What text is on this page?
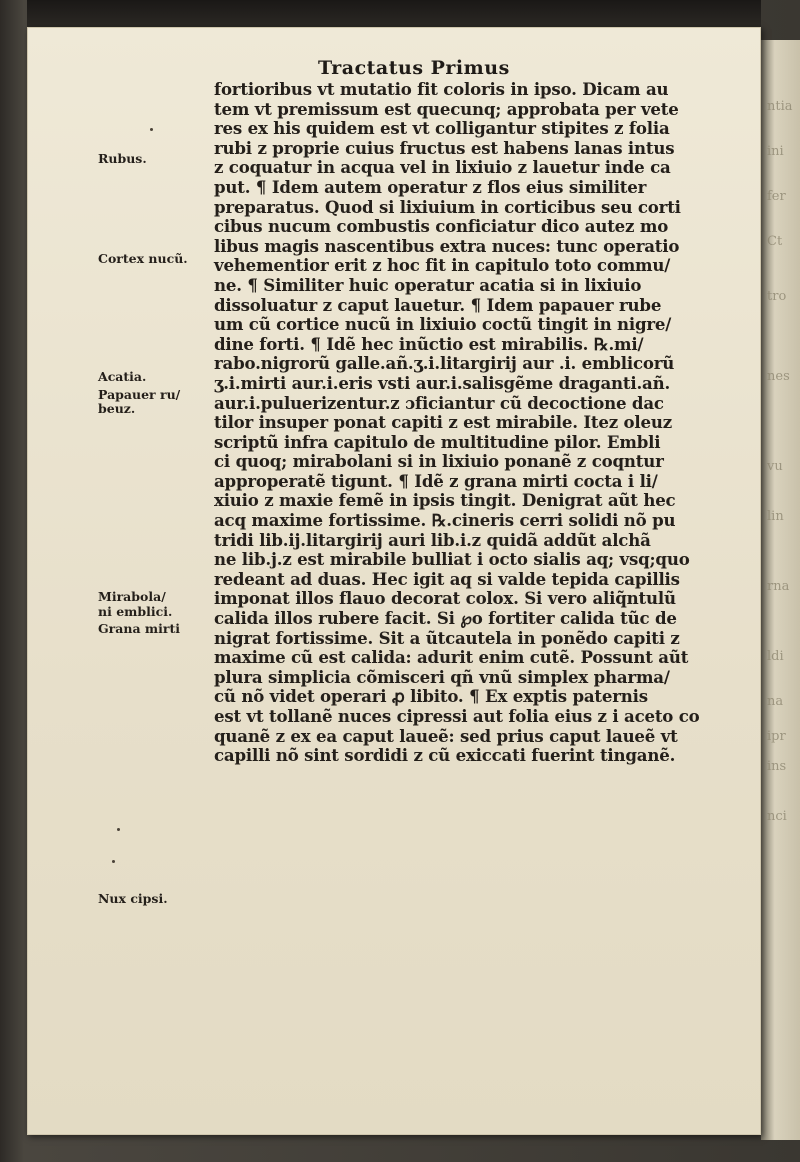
ntia
ini
fer
Ct
tro
nes
vu
lin
rna
ldi
na
ipr
ins
nci
Tractatus Primus
fortioribus vt mutatio fit coloris in ipso. Dicam au
tem vt premissum est quecunq; approbata per vete
res ex his quidem est vt colligantur stipites z folia
rubi z proprie cuius fructus est habens lanas intus
z coquatur in acqua vel in lixiuio z lauetur inde ca
put. ¶ Idem autem operatur z flos eius similiter
preparatus. Quod si lixiuium in corticibus seu corti
cibus nucum combustis conficiatur dico autez mo
libus magis nascentibus extra nuces: tunc operatio
vehementior erit z hoc fit in capitulo toto commu/
ne. ¶ Similiter huic operatur acatia si in lixiuio
dissoluatur z caput lauetur. ¶ Idem papauer rube
um cũ cortice nucũ in lixiuio coctũ tingit in nigre/
dine forti. ¶ Idẽ hec inũctio est mirabilis. ℞.mi/
rabo.nigrorũ galle.añ.ʒ.i.litargirij aur .i. emblicorũ
ʒ.i.mirti aur.i.eris vsti aur.i.salisgẽme draganti.añ.
aur.i.puluerizentur.z ɔficiantur cũ decoctione dac
tilor insuper ponat capiti z est mirabile. Itez oleuz
scriptũ infra capitulo de multitudine pilor. Embli
ci quoq; mirabolani si in lixiuio ponanẽ z coqntur
approperatẽ tigunt. ¶ Idẽ z grana mirti cocta i li/
xiuio z maxie femẽ in ipsis tingit. Denigrat aũt hec
acq maxime fortissime. ℞.cineris cerri solidi nõ pu
tridi lib.ij.litargirij auri lib.i.z quidã addũt alchã
ne lib.j.z est mirabile bulliat i octo sialis aq; vsq;quo
redeant ad duas. Hec igit aq si valde tepida capillis
imponat illos flauo decorat colox. Si vero aliq̃ntulũ
calida illos rubere facit. Si ℘o fortiter calida tũc de
nigrat fortissime. Sit a ũtcautela in ponẽdo capiti z
maxime cũ est calida: adurit enim cutẽ. Possunt aũt
plura simplicia cõmisceri qñ vnũ simplex pharma/
cũ nõ videt operari ꝓ libito. ¶ Ex exptis paternis
est vt tollanẽ nuces cipressi aut folia eius z i aceto co
quanẽ z ex ea caput laueẽ: sed prius caput laueẽ vt
capilli nõ sint sordidi z cũ exiccati fuerint tinganẽ.
Rubus.
Cortex nucũ.
Acatia.
Papauer ru/
beuz.
Mirabola/
ni emblici.
Grana mirti
Nux cipsi.
